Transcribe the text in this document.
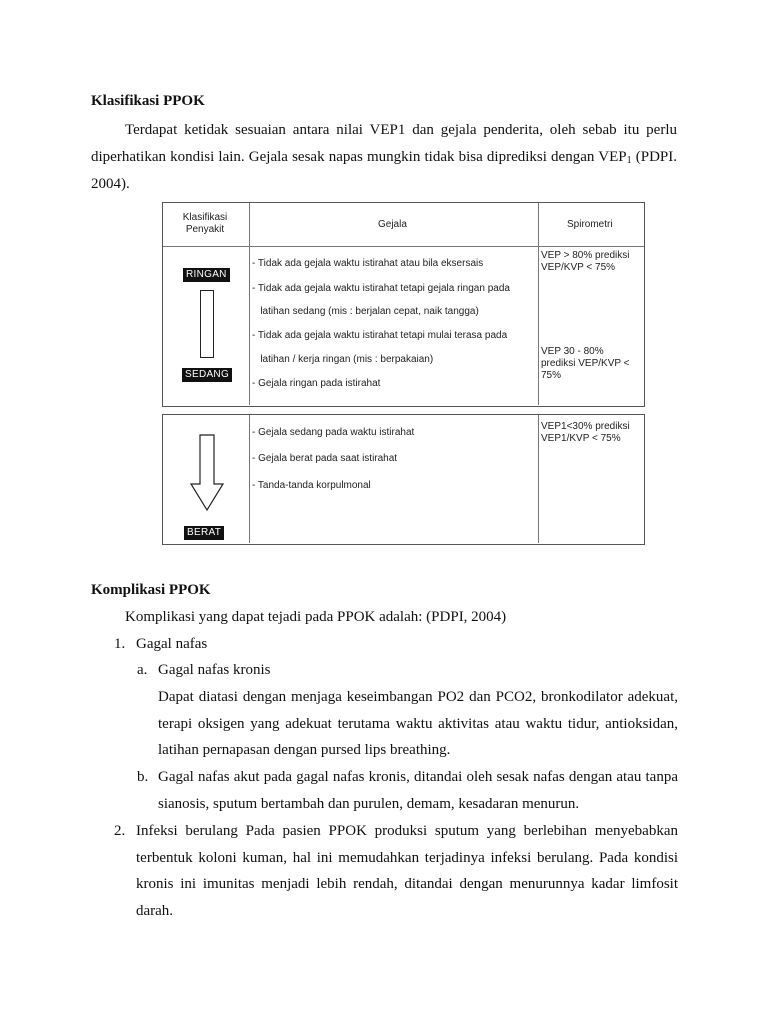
Klasifikasi PPOK
Terdapat ketidak sesuaian antara nilai VEP1 dan gejala penderita, oleh sebab itu perlu
diperhatikan kondisi lain. Gejala sesak napas mungkin tidak bisa diprediksi dengan $VEP_1$ (PDPI.
2004).
Klasifikasi
Penyakit	Gejala	Spirometri
RINGAN
SEDANG
- Tidak ada gejala waktu istirahat atau bila eksersais
- Tidak ada gejala waktu istirahat tetapi gejala ringan pada
latihan sedang (mis : berjalan cepat, naik tangga)
- Tidak ada gejala waktu istirahat tetapi mulai terasa pada
latihan / kerja ringan (mis : berpakaian)
- Gejala ringan pada istirahat
VEP > 80% prediksi
VEP/KVP < 75%
VEP 30 - 80%
prediksi VEP/KVP <
75%
BERAT
- Gejala sedang pada waktu istirahat
- Gejala berat pada saat istirahat
- Tanda-tanda korpulmonal
VEP1<30% prediksi
VEP1/KVP < 75%
Komplikasi PPOK
Komplikasi yang dapat tejadi pada PPOK adalah: (PDPI, 2004)
1. Gagal nafas
a. Gagal nafas kronis
Dapat diatasi dengan menjaga keseimbangan PO2 dan PCO2, bronkodilator adekuat,
terapi oksigen yang adekuat terutama waktu aktivitas atau waktu tidur, antioksidan,
latihan pernapasan dengan pursed lips breathing.
b. Gagal nafas akut pada gagal nafas kronis, ditandai oleh sesak nafas dengan atau tanpa
sianosis, sputum bertambah dan purulen, demam, kesadaran menurun.
2. Infeksi berulang Pada pasien PPOK produksi sputum yang berlebihan menyebabkan
terbentuk koloni kuman, hal ini memudahkan terjadinya infeksi berulang. Pada kondisi
kronis ini imunitas menjadi lebih rendah, ditandai dengan menurunnya kadar limfosit
darah.
